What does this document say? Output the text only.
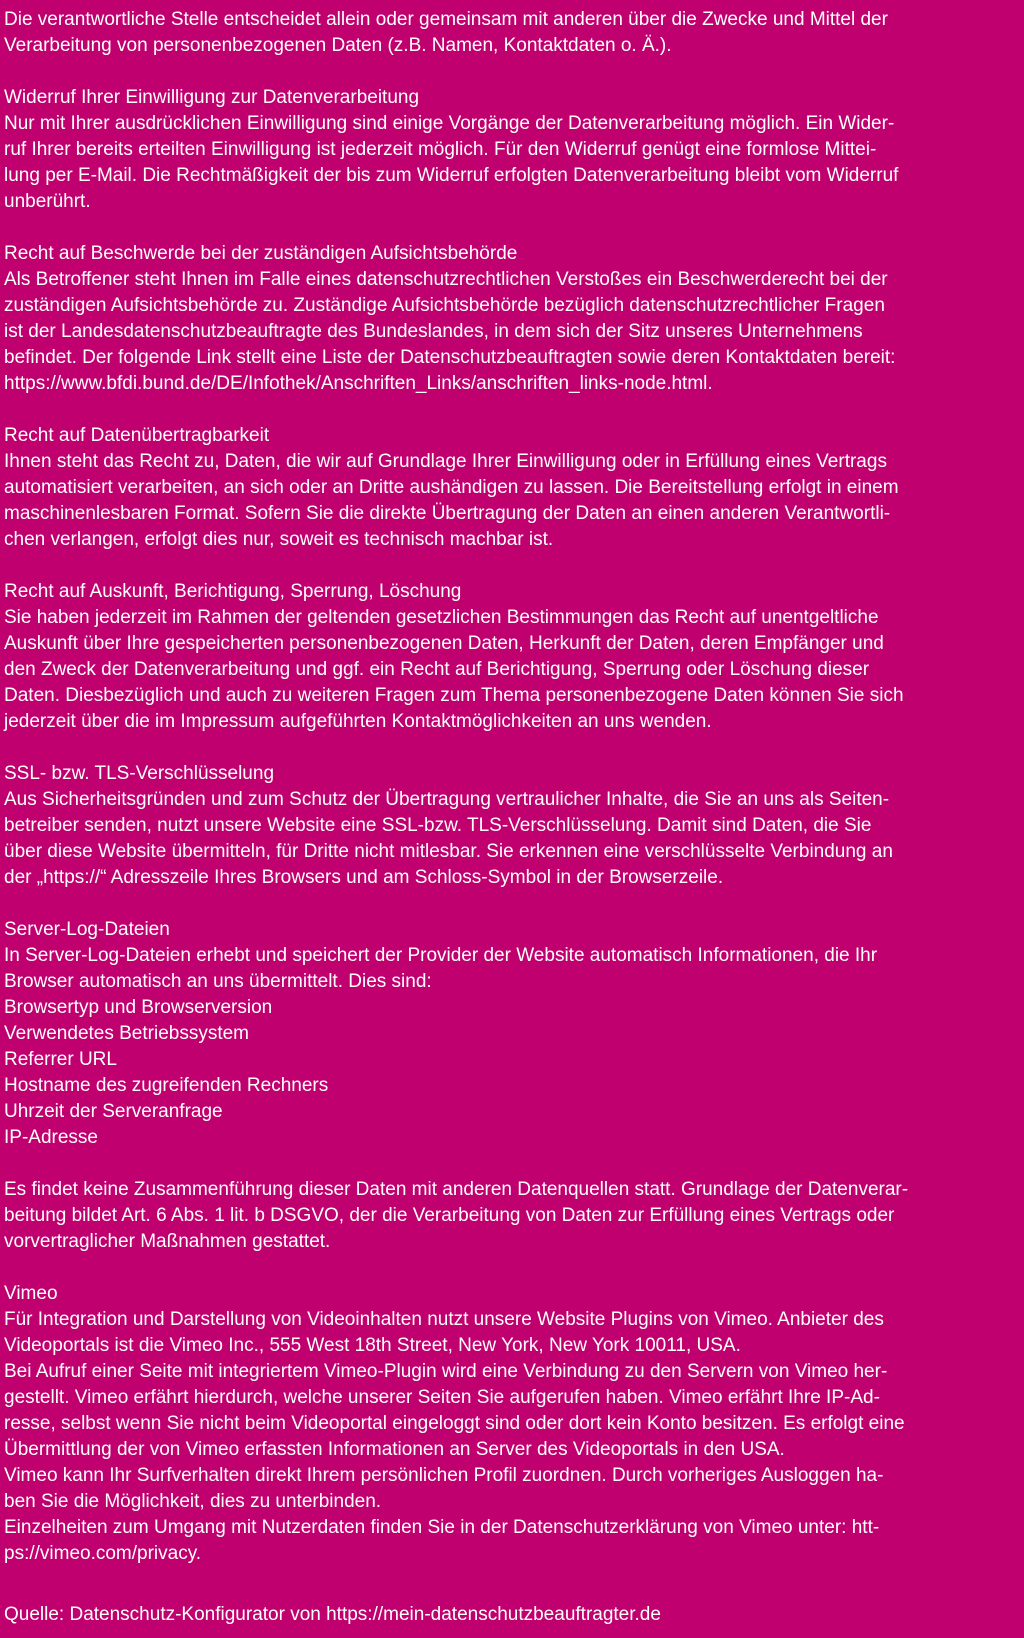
Die verantwortliche Stelle entscheidet allein oder gemeinsam mit anderen über die Zwecke und Mittel der
Verarbeitung von personenbezogenen Daten (z.B. Namen, Kontaktdaten o. Ä.).
Widerruf Ihrer Einwilligung zur Datenverarbeitung
Nur mit Ihrer ausdrücklichen Einwilligung sind einige Vorgänge der Datenverarbeitung möglich. Ein Wider-
ruf Ihrer bereits erteilten Einwilligung ist jederzeit möglich. Für den Widerruf genügt eine formlose Mittei-
lung per E-Mail. Die Rechtmäßigkeit der bis zum Widerruf erfolgten Datenverarbeitung bleibt vom Widerruf
unberührt.
Recht auf Beschwerde bei der zuständigen Aufsichtsbehörde
Als Betroffener steht Ihnen im Falle eines datenschutzrechtlichen Verstoßes ein Beschwerderecht bei der
zuständigen Aufsichtsbehörde zu. Zuständige Aufsichtsbehörde bezüglich datenschutzrechtlicher Fragen
ist der Landesdatenschutzbeauftragte des Bundeslandes, in dem sich der Sitz unseres Unternehmens
befindet. Der folgende Link stellt eine Liste der Datenschutzbeauftragten sowie deren Kontaktdaten bereit:
https://www.bfdi.bund.de/DE/Infothek/Anschriften_Links/anschriften_links-node.html.
Recht auf Datenübertragbarkeit
Ihnen steht das Recht zu, Daten, die wir auf Grundlage Ihrer Einwilligung oder in Erfüllung eines Vertrags
automatisiert verarbeiten, an sich oder an Dritte aushändigen zu lassen. Die Bereitstellung erfolgt in einem
maschinenlesbaren Format. Sofern Sie die direkte Übertragung der Daten an einen anderen Verantwortli-
chen verlangen, erfolgt dies nur, soweit es technisch machbar ist.
Recht auf Auskunft, Berichtigung, Sperrung, Löschung
Sie haben jederzeit im Rahmen der geltenden gesetzlichen Bestimmungen das Recht auf unentgeltliche
Auskunft über Ihre gespeicherten personenbezogenen Daten, Herkunft der Daten, deren Empfänger und
den Zweck der Datenverarbeitung und ggf. ein Recht auf Berichtigung, Sperrung oder Löschung dieser
Daten. Diesbezüglich und auch zu weiteren Fragen zum Thema personenbezogene Daten können Sie sich
jederzeit über die im Impressum aufgeführten Kontaktmöglichkeiten an uns wenden.
SSL- bzw. TLS-Verschlüsselung
Aus Sicherheitsgründen und zum Schutz der Übertragung vertraulicher Inhalte, die Sie an uns als Seiten-
betreiber senden, nutzt unsere Website eine SSL-bzw. TLS-Verschlüsselung. Damit sind Daten, die Sie
über diese Website übermitteln, für Dritte nicht mitlesbar. Sie erkennen eine verschlüsselte Verbindung an
der „https://“ Adresszeile Ihres Browsers und am Schloss-Symbol in der Browserzeile.
Server-Log-Dateien
In Server-Log-Dateien erhebt und speichert der Provider der Website automatisch Informationen, die Ihr
Browser automatisch an uns übermittelt. Dies sind:
Browsertyp und Browserversion
Verwendetes Betriebssystem
Referrer URL
Hostname des zugreifenden Rechners
Uhrzeit der Serveranfrage
IP-Adresse
Es findet keine Zusammenführung dieser Daten mit anderen Datenquellen statt. Grundlage der Datenverar-
beitung bildet Art. 6 Abs. 1 lit. b DSGVO, der die Verarbeitung von Daten zur Erfüllung eines Vertrags oder
vorvertraglicher Maßnahmen gestattet.
Vimeo
Für Integration und Darstellung von Videoinhalten nutzt unsere Website Plugins von Vimeo. Anbieter des
Videoportals ist die Vimeo Inc., 555 West 18th Street, New York, New York 10011, USA.
Bei Aufruf einer Seite mit integriertem Vimeo-Plugin wird eine Verbindung zu den Servern von Vimeo her-
gestellt. Vimeo erfährt hierdurch, welche unserer Seiten Sie aufgerufen haben. Vimeo erfährt Ihre IP-Ad-
resse, selbst wenn Sie nicht beim Videoportal eingeloggt sind oder dort kein Konto besitzen. Es erfolgt eine
Übermittlung der von Vimeo erfassten Informationen an Server des Videoportals in den USA.
Vimeo kann Ihr Surfverhalten direkt Ihrem persönlichen Profil zuordnen. Durch vorheriges Ausloggen ha-
ben Sie die Möglichkeit, dies zu unterbinden.
Einzelheiten zum Umgang mit Nutzerdaten finden Sie in der Datenschutzerklärung von Vimeo unter: htt-
ps://vimeo.com/privacy.
Quelle: Datenschutz-Konfigurator von https://mein-datenschutzbeauftragter.de
